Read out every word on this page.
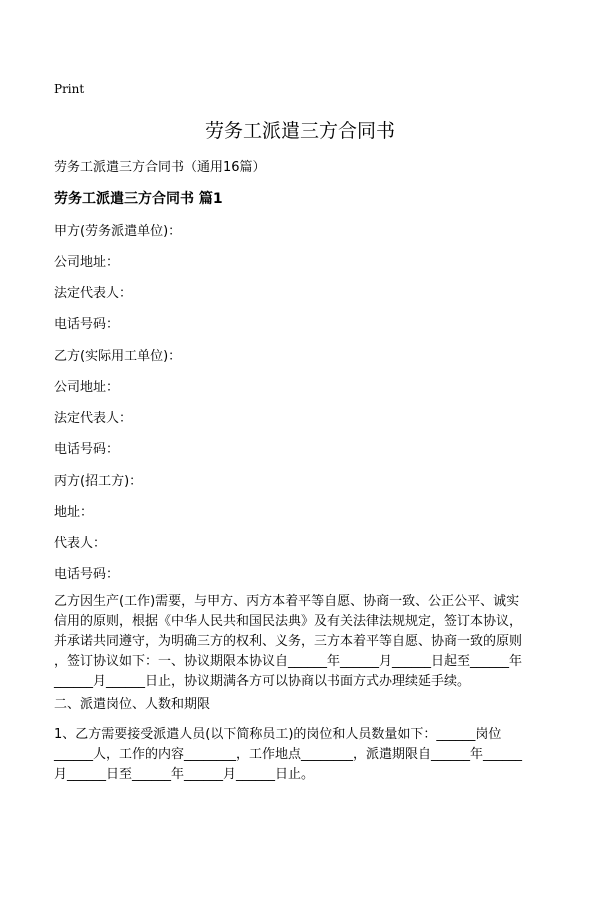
Print
劳务工派遣三方合同书
劳务工派遣三方合同书（通用16篇）
劳务工派遣三方合同书 篇1
甲方(劳务派遣单位)：
公司地址：
法定代表人：
电话号码：
乙方(实际用工单位)：
公司地址：
法定代表人：
电话号码：
丙方(招工方)：
地址：
代表人：
电话号码：
乙方因生产(工作)需要，与甲方、丙方本着平等自愿、协商一致、公正公平、诚实
信用的原则，根据《中华人民共和国民法典》及有关法律法规规定，签订本协议，
并承诺共同遵守，为明确三方的权利、义务，三方本着平等自愿、协商一致的原则
，签订协议如下：一、协议期限本协议自______年______月______日起至______年
______月______日止，协议期满各方可以协商以书面方式办理续延手续。
二、派遣岗位、人数和期限
1、乙方需要接受派遣人员(以下简称员工)的岗位和人员数量如下：______岗位
______人，工作的内容________，工作地点________，派遣期限自______年______
月______日至______年______月______日止。
